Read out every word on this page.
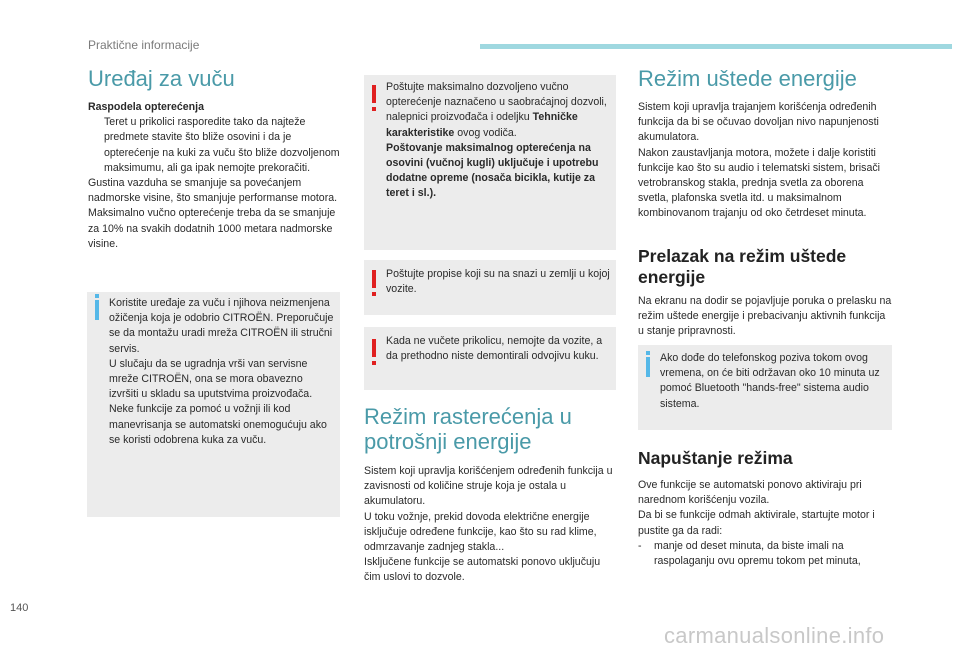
Praktične informacije
Uređaj za vuču

Raspodela opterećenja

Teret u prikolici rasporedite tako da najteže predmete stavite što bliže osovini i da je opterećenje na kuki za vuču što bliže dozvoljenom maksimumu, ali ga ipak nemojte prekoračiti.

Gustina vazduha se smanjuje sa povećanjem nadmorske visine, što smanjuje performanse motora. Maksimalno vučno opterećenje treba da se smanjuje za 10% na svakih dodatnih 1000 metara nadmorske visine.

Koristite uređaje za vuču i njihova neizmenjena ožičenja koja je odobrio CITROËN. Preporučuje se da montažu uradi mreža CITROËN ili stručni servis.
U slučaju da se ugradnja vrši van servisne mreže CITROËN, ona se mora obavezno izvršiti u skladu sa uputstvima proizvođača.
Neke funkcije za pomoć u vožnji ili kod manevrisanja se automatski onemogućuju ako se koristi odobrena kuka za vuču.
Poštujte maksimalno dozvoljeno vučno opterećenje naznačeno u saobraćajnoj dozvoli, nalepnici proizvođača i odeljku Tehničke karakteristike ovog vodiča.
Poštovanje maksimalnog opterećenja na osovini (vučnoj kugli) uključuje i upotrebu dodatne opreme (nosača bicikla, kutije za teret i sl.).
Poštujte propise koji su na snazi u zemlji u kojoj vozite.
Kada ne vučete prikolicu, nemojte da vozite, a da prethodno niste demontirali odvojivu kuku.
Režim rasterećenja u potrošnji energije
Sistem koji upravlja korišćenjem određenih funkcija u zavisnosti od količine struje koja je ostala u akumulatoru.
U toku vožnje, prekid dovoda električne energije isključuje određene funkcije, kao što su rad klime, odmrzavanje zadnjeg stakla...
Isključene funkcije se automatski ponovo uključuju čim uslovi to dozvole.
Režim uštede energije
Sistem koji upravlja trajanjem korišćenja određenih funkcija da bi se očuvao dovoljan nivo napunjenosti akumulatora.
Nakon zaustavljanja motora, možete i dalje koristiti funkcije kao što su audio i telematski sistem, brisači vetrobranskog stakla, prednja svetla za oborena svetla, plafonska svetla itd. u maksimalnom kombinovanom trajanju od oko četrdeset minuta.
Prelazak na režim uštede energije
Na ekranu na dodir se pojavljuje poruka o prelasku na režim uštede energije i prebacivanju aktivnih funkcija u stanje pripravnosti.
Ako dođe do telefonskog poziva tokom ovog vremena, on će biti održavan oko 10 minuta uz pomoć Bluetooth "hands-free" sistema audio sistema.
Napuštanje režima
Ove funkcije se automatski ponovo aktiviraju pri narednom korišćenju vozila.
Da bi se funkcije odmah aktivirale, startujte motor i pustite ga da radi:
-	manje od deset minuta, da biste imali na raspolaganju ovu opremu tokom pet minuta,
140
carmanualsonline.info
